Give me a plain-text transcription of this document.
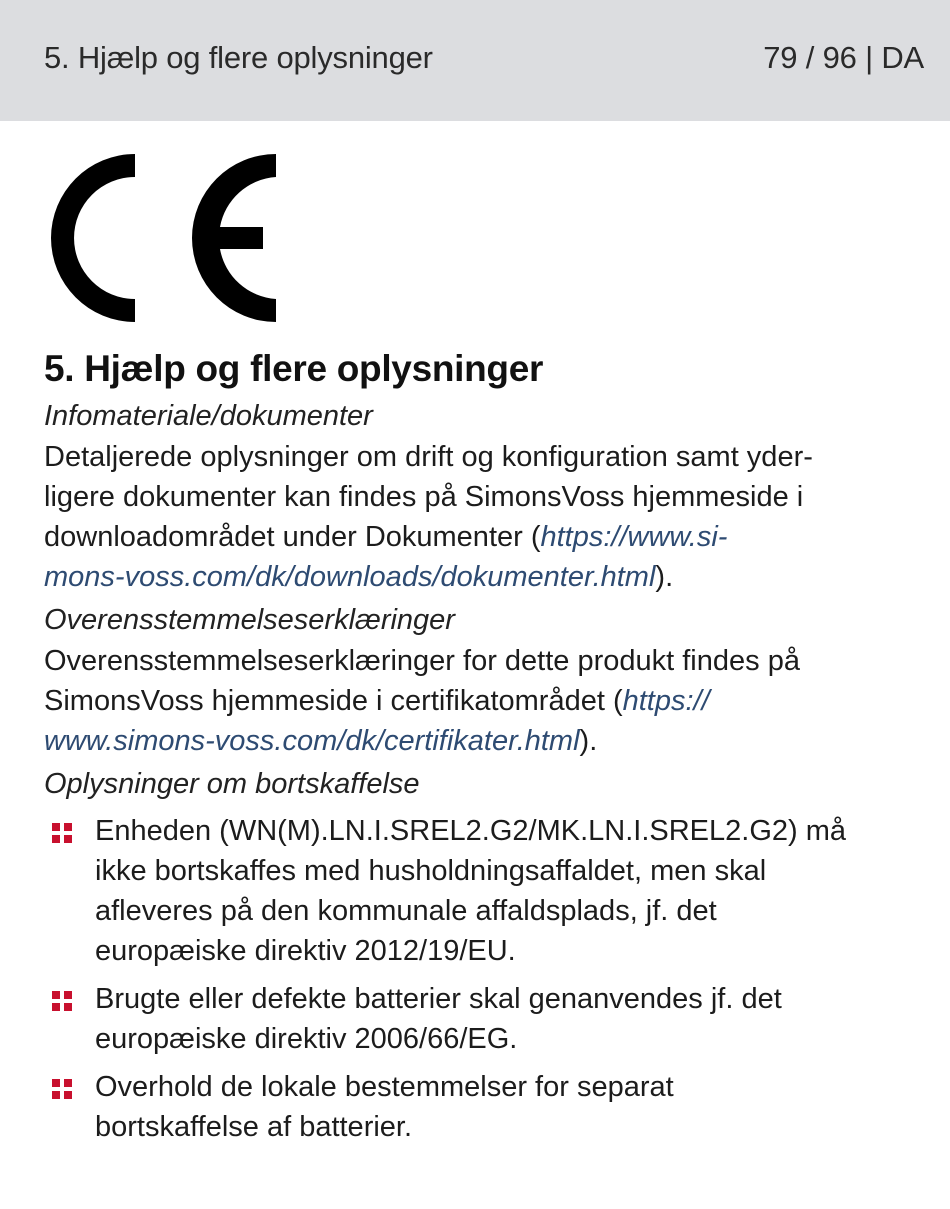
5. Hjælp og flere oplysninger	79 / 96 | DA
5. Hjælp og flere oplysninger
Infomateriale/dokumenter

Detaljerede oplysninger om drift og konfiguration samt yder-
ligere dokumenter kan findes på SimonsVoss hjemmeside i
downloadområdet under Dokumenter (https://www.si-
mons-voss.com/dk/downloads/dokumenter.html).

Overensstemmelseserklæringer

Overensstemmelseserklæringer for dette produkt findes på
SimonsVoss hjemmeside i certifikatområdet (https://
www.simons-voss.com/dk/certifikater.html).

Oplysninger om bortskaffelse
Enheden (WN(M).LN.I.SREL2.G2/MK.LN.I.SREL2.G2) må
ikke bortskaffes med husholdningsaffaldet, men skal
afleveres på den kommunale affaldsplads, jf. det
europæiske direktiv 2012/19/EU.
Brugte eller defekte batterier skal genanvendes jf. det
europæiske direktiv 2006/66/EG.
Overhold de lokale bestemmelser for separat
bortskaffelse af batterier.
